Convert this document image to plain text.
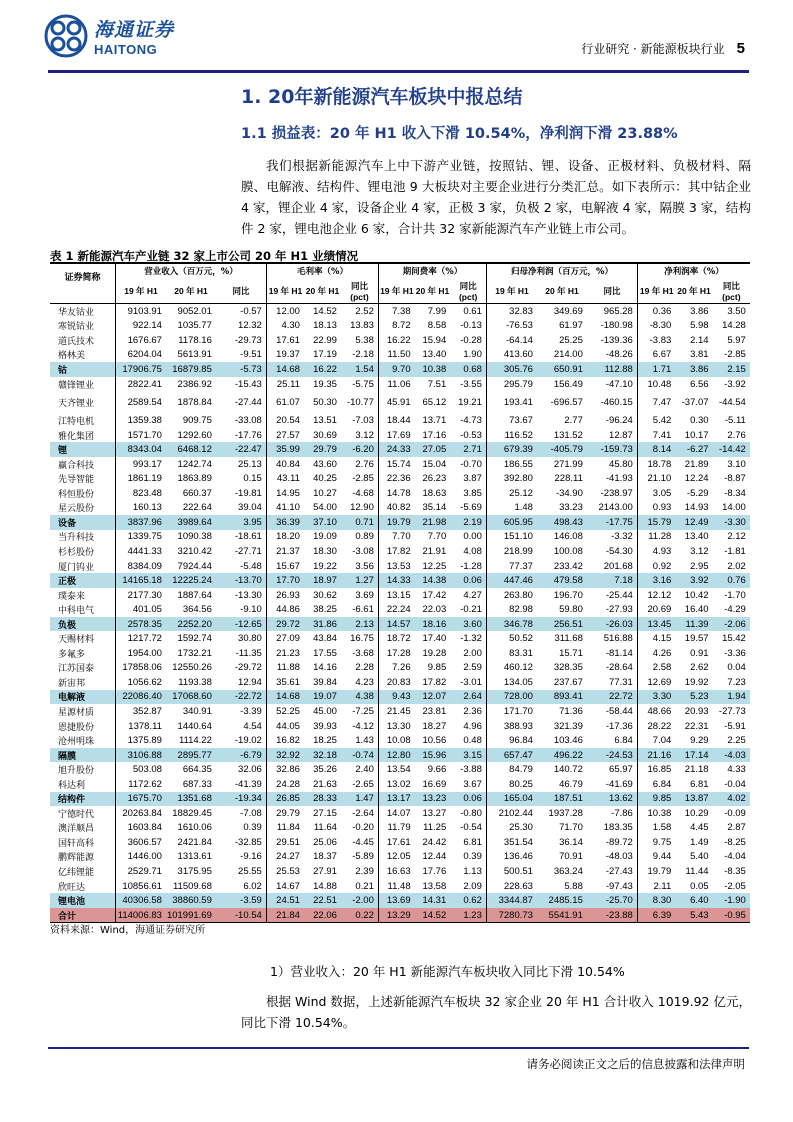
海通证券
HAITONG	行业研究 · 新能源板块行业 5
1. 20年新能源汽车板块中报总结
1.1 损益表：20 年 H1 收入下滑 10.54%，净利润下滑 23.88%
我们根据新能源汽车上中下游产业链，按照钴、锂、设备、正极材料、负极材料、隔膜、电解液、结构件、锂电池 9 大板块对主要企业进行分类汇总。如下表所示：其中钴企业 4 家，锂企业 4 家，设备企业 4 家，正极 3 家，负极 2 家，电解液 4 家，隔膜 3 家，结构件 2 家，锂电池企业 6 家，合计共 32 家新能源汽车产业链上市公司。
表 1 新能源汽车产业链 32 家上市公司 20 年 H1 业绩情况
证券简称
营业收入（百万元，%）
19 年 H1	20 年 H1	同比
毛利率（%）
19 年 H1 20 年 H1
同比 (pct)
期间费率（%）
19 年 H1 20 年 H1
同比 (pct)
归母净利润（百万元，%）
19 年 H1	20 年 H1	同比
净利润率（%）
19 年 H1 20 年 H1
同比 (pct)
华友钴业	9103.91	9052.01	-0.57	12.00	14.52	2.52	7.38	7.99	0.61	32.83	349.69	965.28	0.36	3.86	3.50
寒锐钴业	922.14	1035.77	12.32	4.30	18.13	13.83	8.72	8.58	-0.13	-76.53	61.97	-180.98	-8.30	5.98	14.28
道氏技术	1676.67	1178.16	-29.73	17.61	22.99	5.38	16.22	15.94	-0.28	-64.14	25.25	-139.36	-3.83	2.14	5.97
格林美	6204.04	5613.91	-9.51	19.37	17.19	-2.18	11.50	13.40	1.90	413.60	214.00	-48.26	6.67	3.81	-2.85
钴	17906.75	16879.85	-5.73	14.68	16.22	1.54	9.70	10.38	0.68	305.76	650.91	112.88	1.71	3.86	2.15
赣锋锂业	2822.41	2386.92	-15.43	25.11	19.35	-5.75	11.06	7.51	-3.55	295.79	156.49	-47.10	10.48	6.56	-3.92
天齐锂业	2589.54	1878.84	-27.44	61.07	50.30	-10.77	45.91	65.12	19.21	193.41	-696.57	-460.15	7.47	-37.07	-44.54
江特电机	1359.38	909.75	-33.08	20.54	13.51	-7.03	18.44	13.71	-4.73	73.67	2.77	-96.24	5.42	0.30	-5.11
雅化集团	1571.70	1292.60	-17.76	27.57	30.69	3.12	17.69	17.16	-0.53	116.52	131.52	12.87	7.41	10.17	2.76
锂	8343.04	6468.12	-22.47	35.99	29.79	-6.20	24.33	27.05	2.71	679.39	-405.79	-159.73	8.14	-6.27	-14.42
赢合科技	993.17	1242.74	25.13	40.84	43.60	2.76	15.74	15.04	-0.70	186.55	271.99	45.80	18.78	21.89	3.10
先导智能	1861.19	1863.89	0.15	43.11	40.25	-2.85	22.36	26.23	3.87	392.80	228.11	-41.93	21.10	12.24	-8.87
科恒股份	823.48	660.37	-19.81	14.95	10.27	-4.68	14.78	18.63	3.85	25.12	-34.90	-238.97	3.05	-5.29	-8.34
星云股份	160.13	222.64	39.04	41.10	54.00	12.90	40.82	35.14	-5.69	1.48	33.23	2143.00	0.93	14.93	14.00
设备	3837.96	3989.64	3.95	36.39	37.10	0.71	19.79	21.98	2.19	605.95	498.43	-17.75	15.79	12.49	-3.30
当升科技	1339.75	1090.38	-18.61	18.20	19.09	0.89	7.70	7.70	0.00	151.10	146.08	-3.32	11.28	13.40	2.12
杉杉股份	4441.33	3210.42	-27.71	21.37	18.30	-3.08	17.82	21.91	4.08	218.99	100.08	-54.30	4.93	3.12	-1.81
厦门钨业	8384.09	7924.44	-5.48	15.67	19.22	3.56	13.53	12.25	-1.28	77.37	233.42	201.68	0.92	2.95	2.02
正极	14165.18	12225.24	-13.70	17.70	18.97	1.27	14.33	14.38	0.06	447.46	479.58	7.18	3.16	3.92	0.76
璞泰来	2177.30	1887.64	-13.30	26.93	30.62	3.69	13.15	17.42	4.27	263.80	196.70	-25.44	12.12	10.42	-1.70
中科电气	401.05	364.56	-9.10	44.86	38.25	-6.61	22.24	22.03	-0.21	82.98	59.80	-27.93	20.69	16.40	-4.29
负极	2578.35	2252.20	-12.65	29.72	31.86	2.13	14.57	18.16	3.60	346.78	256.51	-26.03	13.45	11.39	-2.06
天赐材料	1217.72	1592.74	30.80	27.09	43.84	16.75	18.72	17.40	-1.32	50.52	311.68	516.88	4.15	19.57	15.42
多氟多	1954.00	1732.21	-11.35	21.23	17.55	-3.68	17.28	19.28	2.00	83.31	15.71	-81.14	4.26	0.91	-3.36
江苏国泰	17858.06	12550.26	-29.72	11.88	14.16	2.28	7.26	9.85	2.59	460.12	328.35	-28.64	2.58	2.62	0.04
新宙邦	1056.62	1193.38	12.94	35.61	39.84	4.23	20.83	17.82	-3.01	134.05	237.67	77.31	12.69	19.92	7.23
电解液	22086.40	17068.60	-22.72	14.68	19.07	4.38	9.43	12.07	2.64	728.00	893.41	22.72	3.30	5.23	1.94
星源材质	352.87	340.91	-3.39	52.25	45.00	-7.25	21.45	23.81	2.36	171.70	71.36	-58.44	48.66	20.93	-27.73
恩捷股份	1378.11	1440.64	4.54	44.05	39.93	-4.12	13.30	18.27	4.96	388.93	321.39	-17.36	28.22	22.31	-5.91
沧州明珠	1375.89	1114.22	-19.02	16.82	18.25	1.43	10.08	10.56	0.48	96.84	103.46	6.84	7.04	9.29	2.25
隔膜	3106.88	2895.77	-6.79	32.92	32.18	-0.74	12.80	15.96	3.15	657.47	496.22	-24.53	21.16	17.14	-4.03
旭升股份	503.08	664.35	32.06	32.86	35.26	2.40	13.54	9.66	-3.88	84.79	140.72	65.97	16.85	21.18	4.33
科达利	1172.62	687.33	-41.39	24.28	21.63	-2.65	13.02	16.69	3.67	80.25	46.79	-41.69	6.84	6.81	-0.04
结构件	1675.70	1351.68	-19.34	26.85	28.33	1.47	13.17	13.23	0.06	165.04	187.51	13.62	9.85	13.87	4.02
宁德时代	20263.84	18829.45	-7.08	29.79	27.15	-2.64	14.07	13.27	-0.80	2102.44	1937.28	-7.86	10.38	10.29	-0.09
澳洋顺昌	1603.84	1610.06	0.39	11.84	11.64	-0.20	11.79	11.25	-0.54	25.30	71.70	183.35	1.58	4.45	2.87
国轩高科	3606.57	2421.84	-32.85	29.51	25.06	-4.45	17.61	24.42	6.81	351.54	36.14	-89.72	9.75	1.49	-8.25
鹏辉能源	1446.00	1313.61	-9.16	24.27	18.37	-5.89	12.05	12.44	0.39	136.46	70.91	-48.03	9.44	5.40	-4.04
亿纬锂能	2529.71	3175.95	25.55	25.53	27.91	2.39	16.63	17.76	1.13	500.51	363.24	-27.43	19.79	11.44	-8.35
欣旺达	10856.61	11509.68	6.02	14.67	14.88	0.21	11.48	13.58	2.09	228.63	5.88	-97.43	2.11	0.05	-2.05
锂电池	40306.58	38860.59	-3.59	24.51	22.51	-2.00	13.69	14.31	0.62	3344.87	2485.15	-25.70	8.30	6.40	-1.90
合计	114006.83 101991.69	-10.54	21.84	22.06	0.22	13.29	14.52	1.23	7280.73	5541.91	-23.88	6.39	5.43	-0.95
资料来源：Wind，海通证券研究所
1）营业收入：20 年 H1 新能源汽车板块收入同比下滑 10.54%
根据 Wind 数据，上述新能源汽车板块 32 家企业 20 年 H1 合计收入 1019.92 亿元，同比下滑 10.54%。
请务必阅读正文之后的信息披露和法律声明
